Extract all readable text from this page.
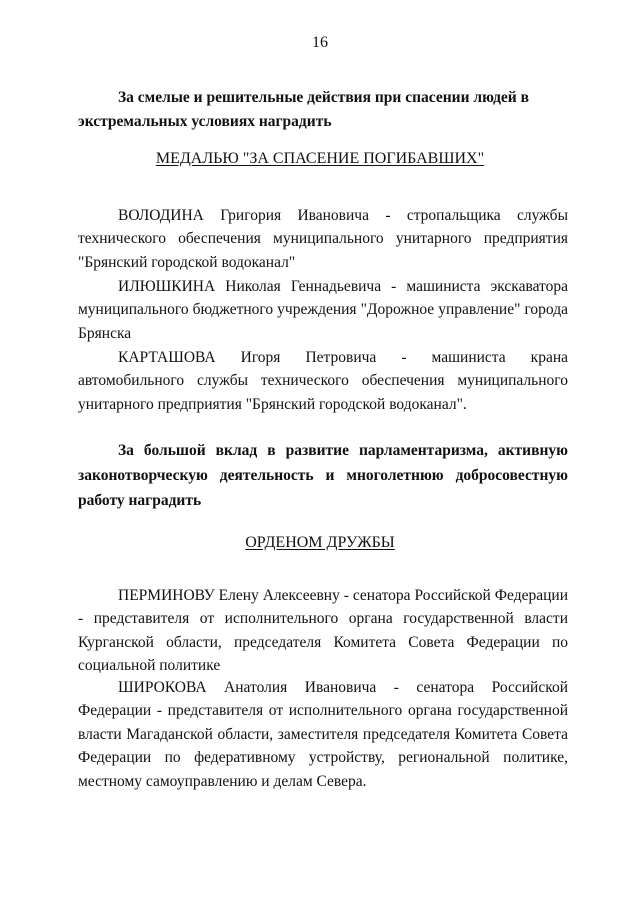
16
За смелые и решительные действия при спасении людей в экстремальных условиях наградить
МЕДАЛЬЮ "ЗА СПАСЕНИЕ ПОГИБАВШИХ"

ВОЛОДИНА Григория Ивановича - стропальщика службы технического обеспечения муниципального унитарного предприятия "Брянский городской водоканал"

ИЛЮШКИНА Николая Геннадьевича - машиниста экскаватора муниципального бюджетного учреждения "Дорожное управление" города Брянска

КАРТАШОВА Игоря Петровича - машиниста крана автомобильного службы технического обеспечения муниципального унитарного предприятия "Брянский городской водоканал".

За большой вклад в развитие парламентаризма, активную законотворческую деятельность и многолетнюю добросовестную работу наградить
ОРДЕНОМ ДРУЖБЫ

ПЕРМИНОВУ Елену Алексеевну - сенатора Российской Федерации - представителя от исполнительного органа государственной власти Курганской области, председателя Комитета Совета Федерации по социальной политике

ШИРОКОВА Анатолия Ивановича - сенатора Российской Федерации - представителя от исполнительного органа государственной власти Магаданской области, заместителя председателя Комитета Совета Федерации по федеративному устройству, региональной политике, местному самоуправлению и делам Севера.
